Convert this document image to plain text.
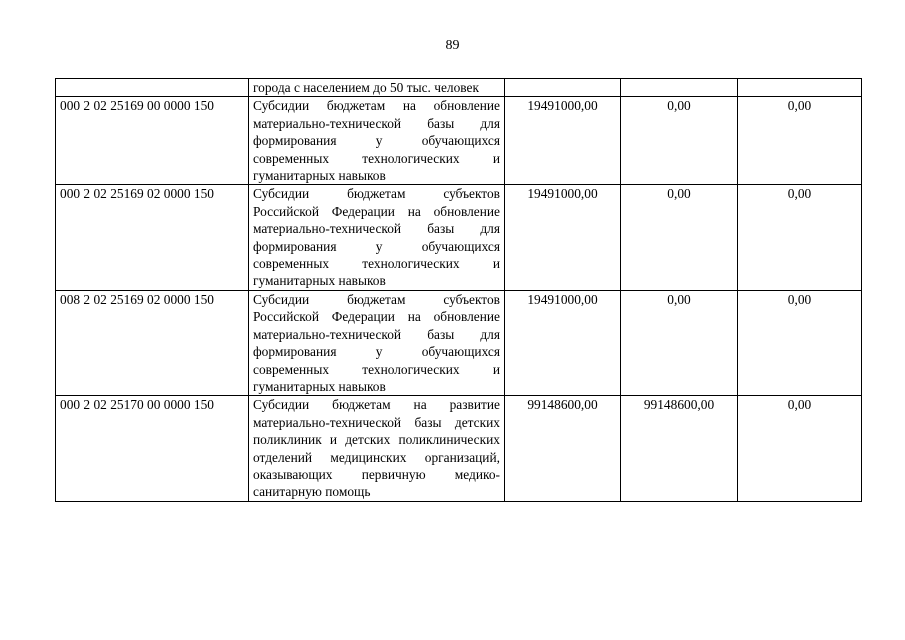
89
	города с населением до 50 тыс. человек			
000 2 02 25169 00 0000 150	Субсидии бюджетам на обновление материально-технической базы для формирования у обучающихся современных технологических и гуманитарных навыков	19491000,00	0,00	0,00
000 2 02 25169 02 0000 150	Субсидии бюджетам субъектов Российской Федерации на обновление материально-технической базы для формирования у обучающихся современных технологических и гуманитарных навыков	19491000,00	0,00	0,00
008 2 02 25169 02 0000 150	Субсидии бюджетам субъектов Российской Федерации на обновление материально-технической базы для формирования у обучающихся современных технологических и гуманитарных навыков	19491000,00	0,00	0,00
000 2 02 25170 00 0000 150	Субсидии бюджетам на развитие материально-технической базы детских поликлиник и детских поликлинических отделений медицинских организаций, оказывающих первичную медико-санитарную помощь	99148600,00	99148600,00	0,00
